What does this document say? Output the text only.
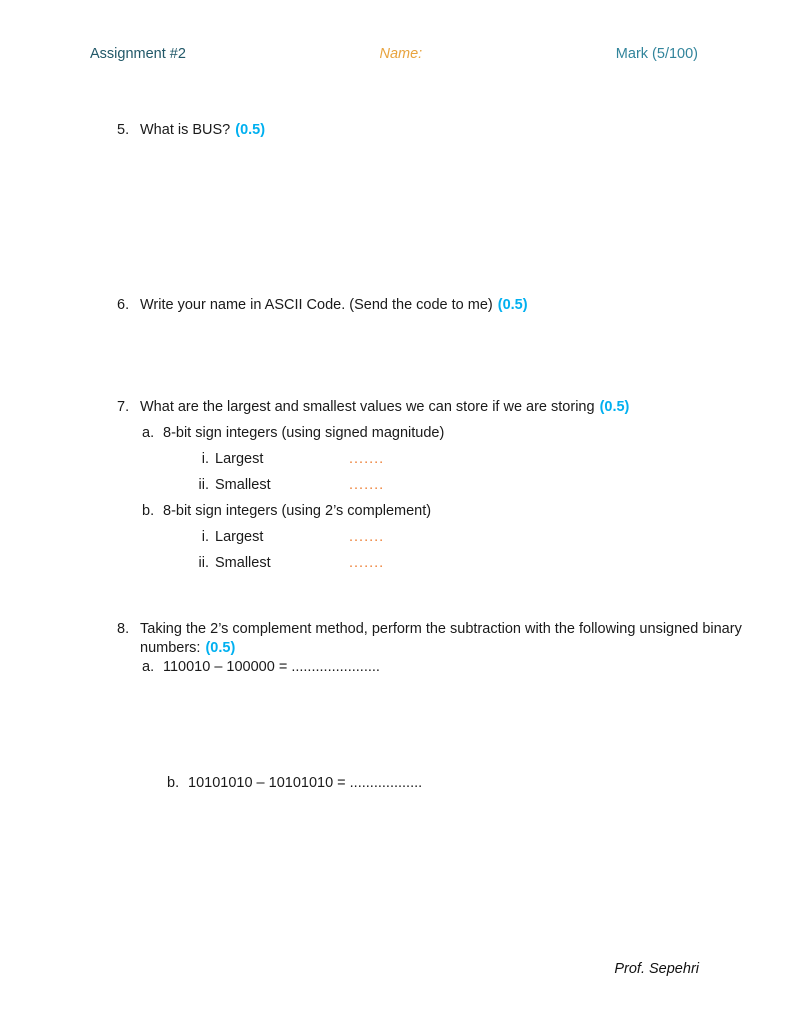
Assignment #2	Name:	Mark (5/100)
5. What is BUS? (0.5)
6. Write your name in ASCII Code. (Send the code to me) (0.5)
7. What are the largest and smallest values we can store if we are storing (0.5)
a. 8-bit sign integers (using signed magnitude)
i. Largest	.......
ii. Smallest	.......
b. 8-bit sign integers (using 2’s complement)
i. Largest	.......
ii. Smallest	.......
8. Taking the 2’s complement method, perform the subtraction with the following unsigned binary
numbers: (0.5)
a. 110010 – 100000 = ......................
b. 10101010 – 10101010 = ..................
Prof. Sepehri
